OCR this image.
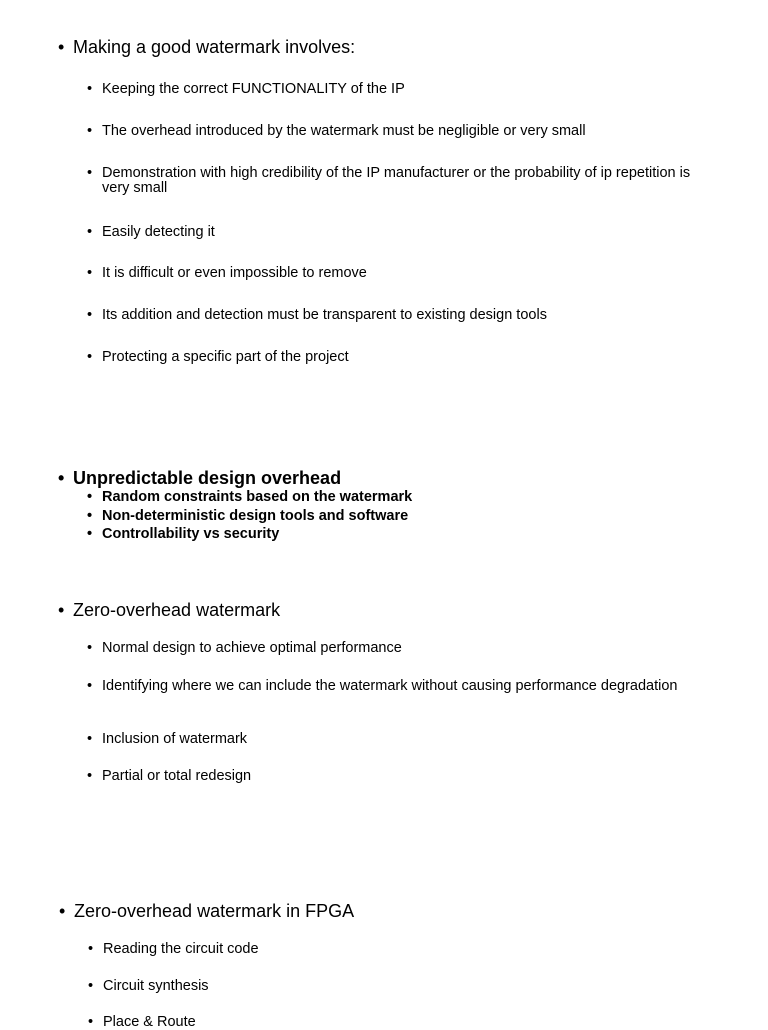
• Making a good watermark involves:
• Keeping the correct FUNCTIONALITY of the IP
• The overhead introduced by the watermark must be negligible or very small
• Demonstration with high credibility of the IP manufacturer or the probability of ip repetition is very small
• Easily detecting it
• It is difficult or even impossible to remove
• Its addition and detection must be transparent to existing design tools
• Protecting a specific part of the project
• Unpredictable design overhead
• Random constraints based on the watermark
• Non-deterministic design tools and software
• Controllability vs security
• Zero-overhead watermark
• Normal design to achieve optimal performance
• Identifying where we can include the watermark without causing performance degradation
• Inclusion of watermark
• Partial or total redesign
• Zero-overhead watermark in FPGA
• Reading the circuit code
• Circuit synthesis
• Place & Route
